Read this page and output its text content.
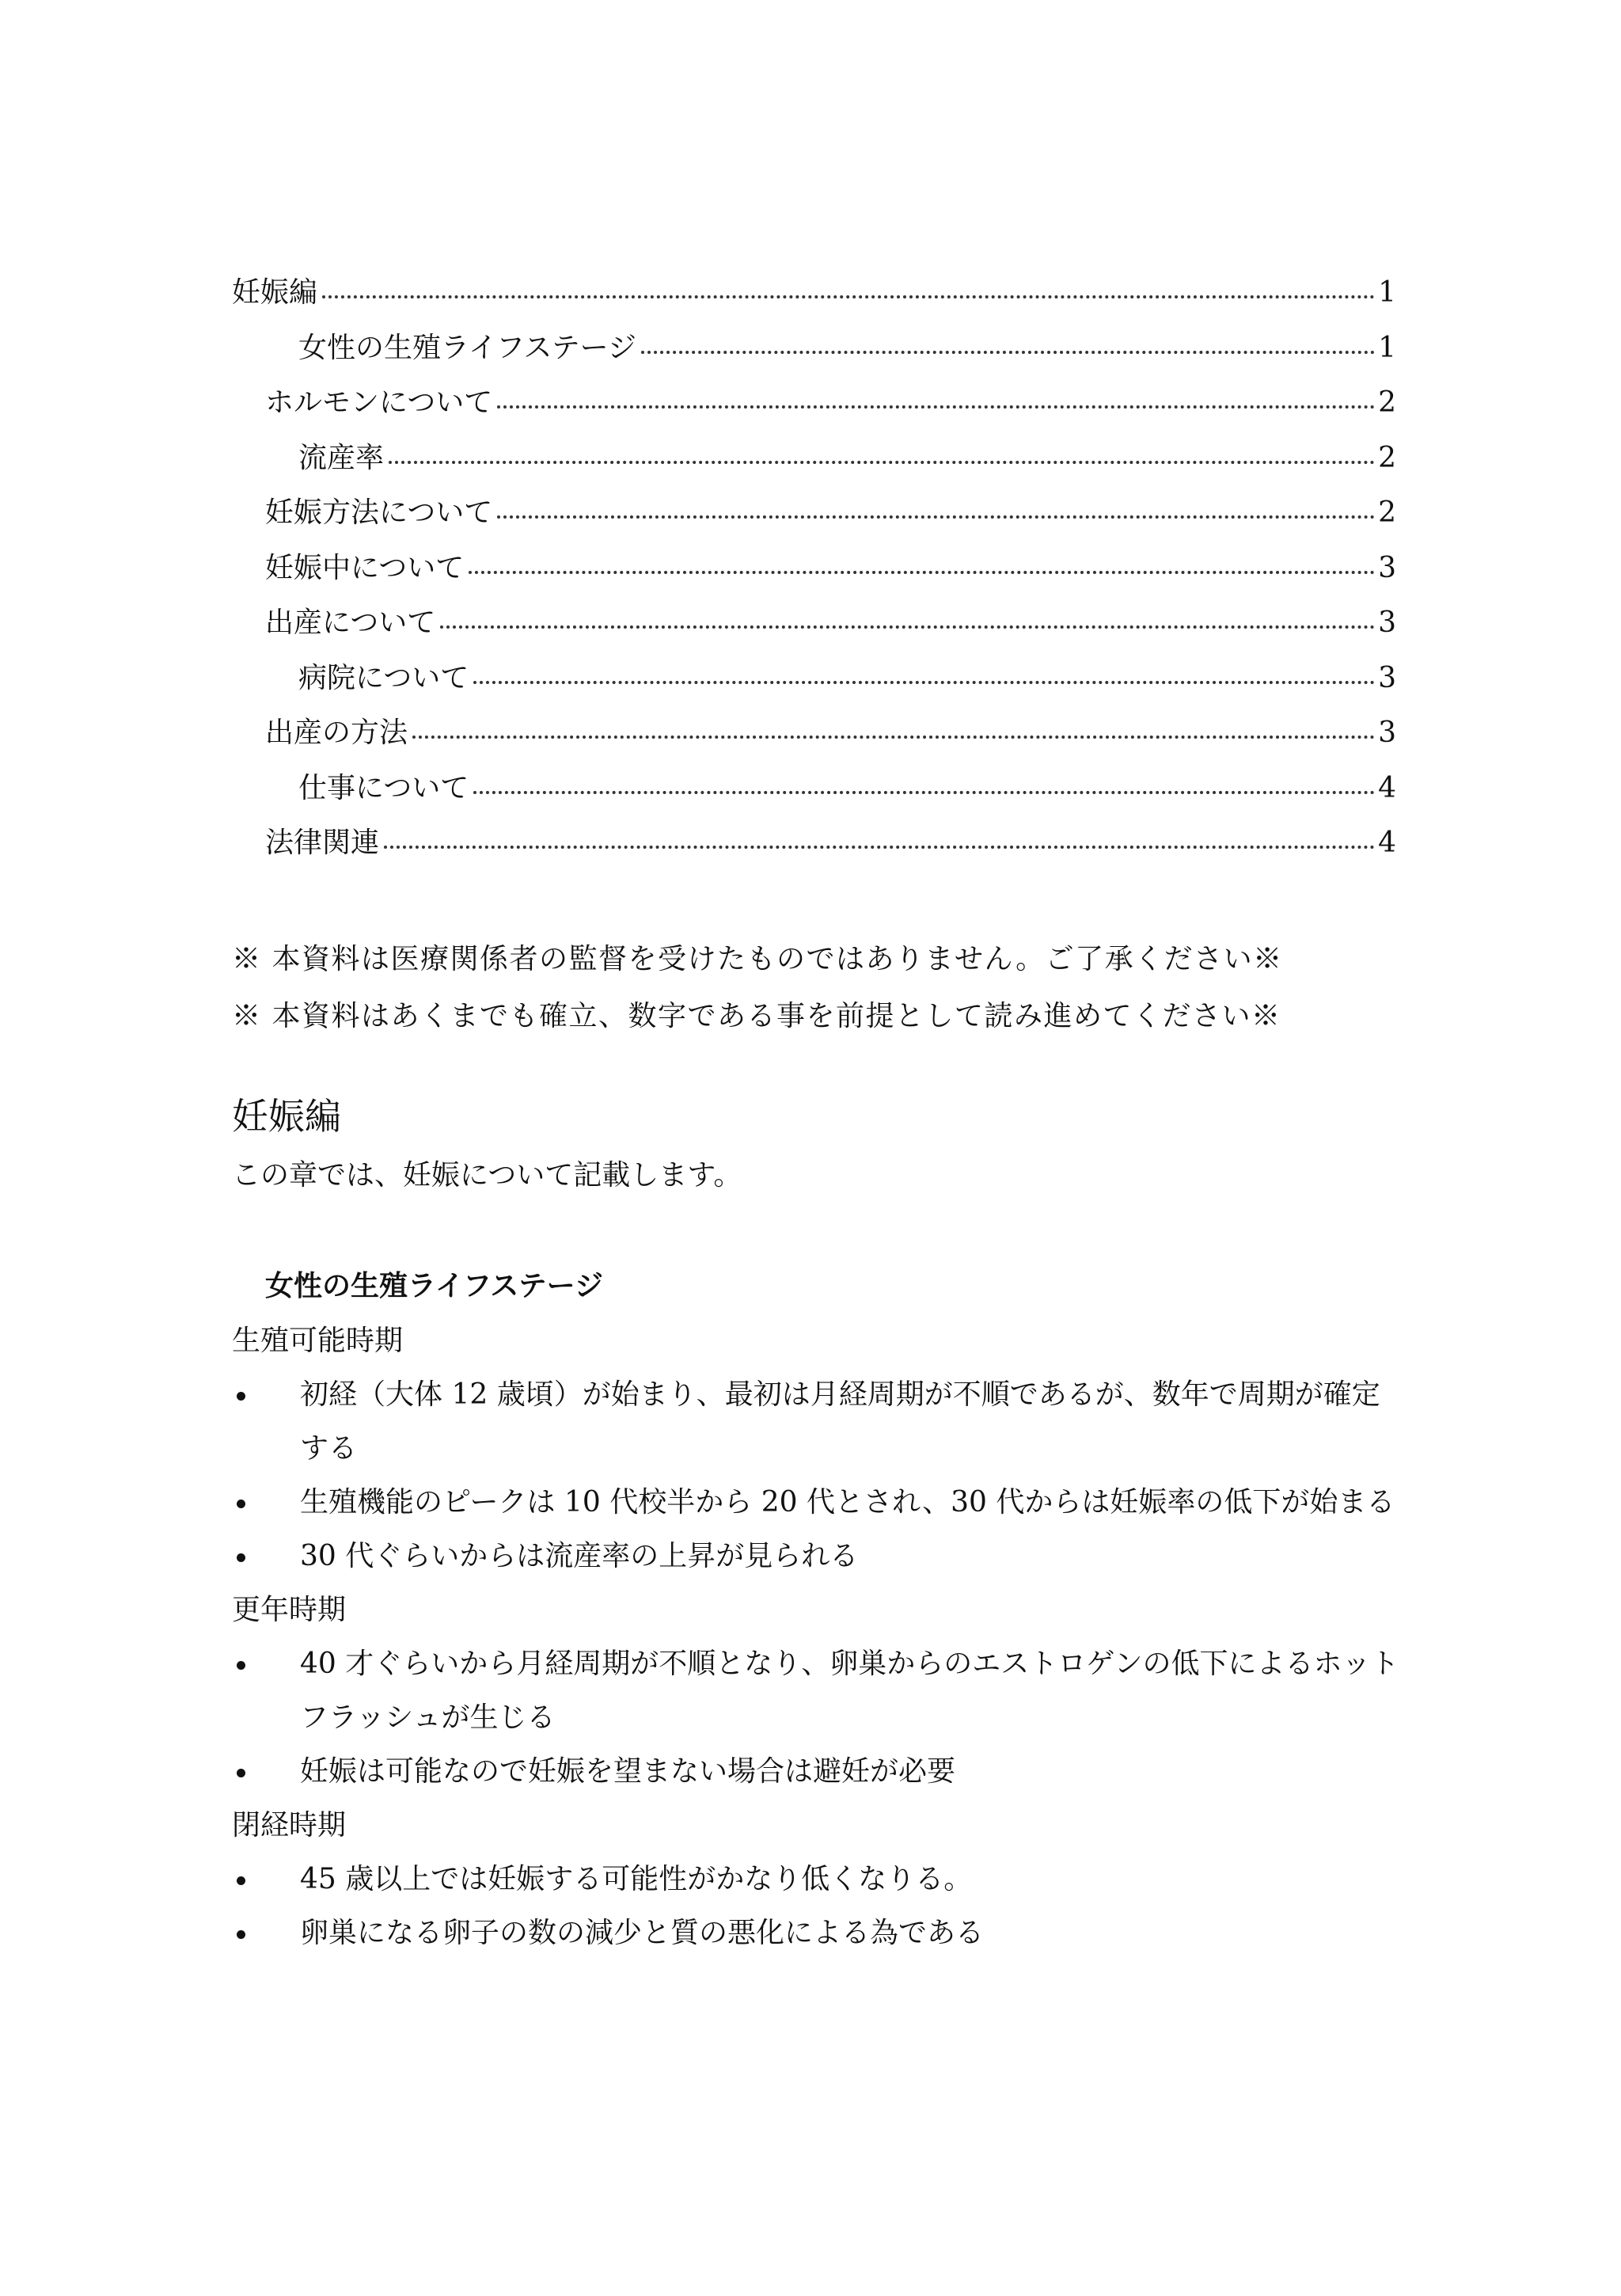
妊娠編	1
女性の生殖ライフステージ	1
ホルモンについて	2
流産率	2
妊娠方法について	2
妊娠中について	3
出産について	3
病院について	3
出産の方法	3
仕事について	4
法律関連	4
※ 本資料は医療関係者の監督を受けたものではありません。ご了承ください※
※ 本資料はあくまでも確立、数字である事を前提として読み進めてください※
妊娠編
この章では、妊娠について記載します。
女性の生殖ライフステージ
生殖可能時期
初経（大体 12 歳頃）が始まり、最初は月経周期が不順であるが、数年で周期が確定する
生殖機能のピークは 10 代校半から 20 代とされ、30 代からは妊娠率の低下が始まる
30 代ぐらいからは流産率の上昇が見られる
更年時期
40 才ぐらいから月経周期が不順となり、卵巣からのエストロゲンの低下によるホットフラッシュが生じる
妊娠は可能なので妊娠を望まない場合は避妊が必要
閉経時期
45 歳以上では妊娠する可能性がかなり低くなりる。
卵巣になる卵子の数の減少と質の悪化による為である
